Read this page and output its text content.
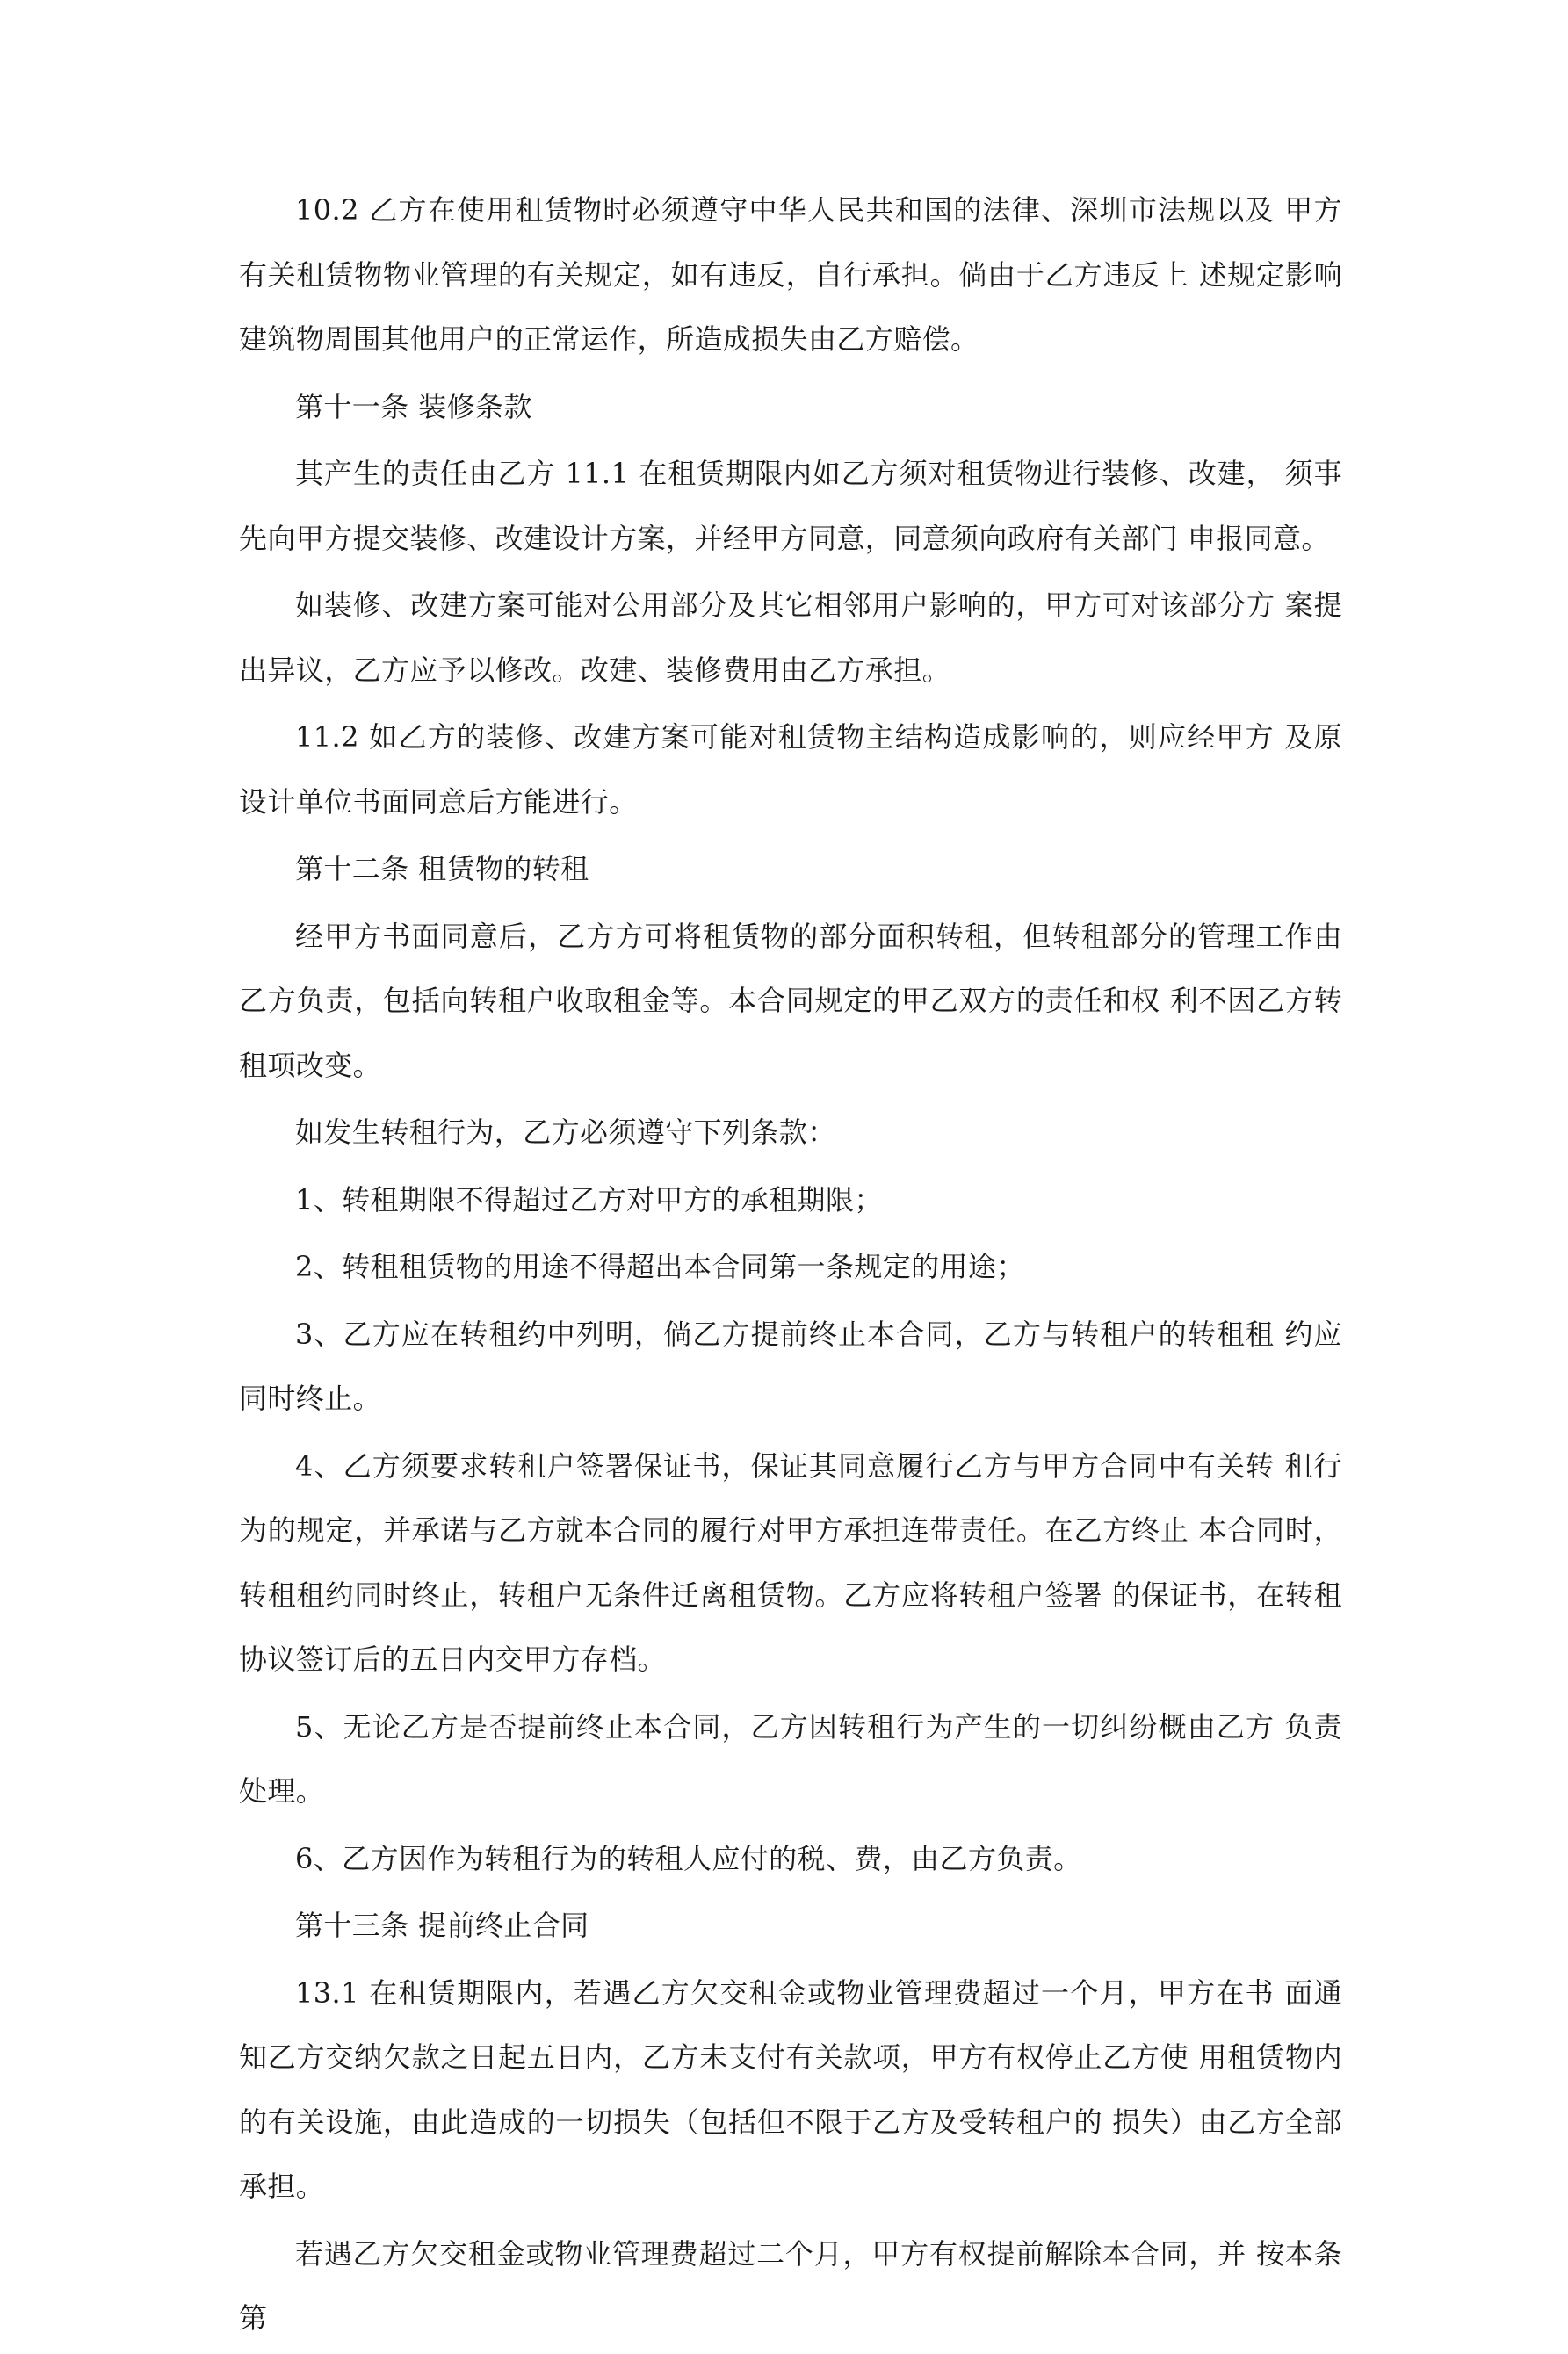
10.2 乙方在使用租赁物时必须遵守中华人民共和国的法律、深圳市法规以及 甲方有关租赁物物业管理的有关规定，如有违反，自行承担。倘由于乙方违反上 述规定影响建筑物周围其他用户的正常运作，所造成损失由乙方赔偿。

第十一条 装修条款

其产生的责任由乙方 11.1 在租赁期限内如乙方须对租赁物进行装修、改建， 须事先向甲方提交装修、改建设计方案，并经甲方同意，同意须向政府有关部门 申报同意。

如装修、改建方案可能对公用部分及其它相邻用户影响的，甲方可对该部分方 案提出异议，乙方应予以修改。改建、装修费用由乙方承担。

11.2 如乙方的装修、改建方案可能对租赁物主结构造成影响的，则应经甲方 及原设计单位书面同意后方能进行。

第十二条 租赁物的转租

经甲方书面同意后，乙方方可将租赁物的部分面积转租，但转租部分的管理工作由乙方负责，包括向转租户收取租金等。本合同规定的甲乙双方的责任和权 利不因乙方转租项改变。

如发生转租行为，乙方必须遵守下列条款：

1、转租期限不得超过乙方对甲方的承租期限；

2、转租租赁物的用途不得超出本合同第一条规定的用途；

3、乙方应在转租约中列明，倘乙方提前终止本合同，乙方与转租户的转租租 约应同时终止。

4、乙方须要求转租户签署保证书，保证其同意履行乙方与甲方合同中有关转 租行为的规定，并承诺与乙方就本合同的履行对甲方承担连带责任。在乙方终止 本合同时，转租租约同时终止，转租户无条件迁离租赁物。乙方应将转租户签署 的保证书，在转租协议签订后的五日内交甲方存档。

5、无论乙方是否提前终止本合同，乙方因转租行为产生的一切纠纷概由乙方 负责处理。

6、乙方因作为转租行为的转租人应付的税、费，由乙方负责。

第十三条 提前终止合同

13.1 在租赁期限内，若遇乙方欠交租金或物业管理费超过一个月，甲方在书 面通知乙方交纳欠款之日起五日内，乙方未支付有关款项，甲方有权停止乙方使 用租赁物内的有关设施，由此造成的一切损失（包括但不限于乙方及受转租户的 损失）由乙方全部承担。

若遇乙方欠交租金或物业管理费超过二个月，甲方有权提前解除本合同，并 按本条第
